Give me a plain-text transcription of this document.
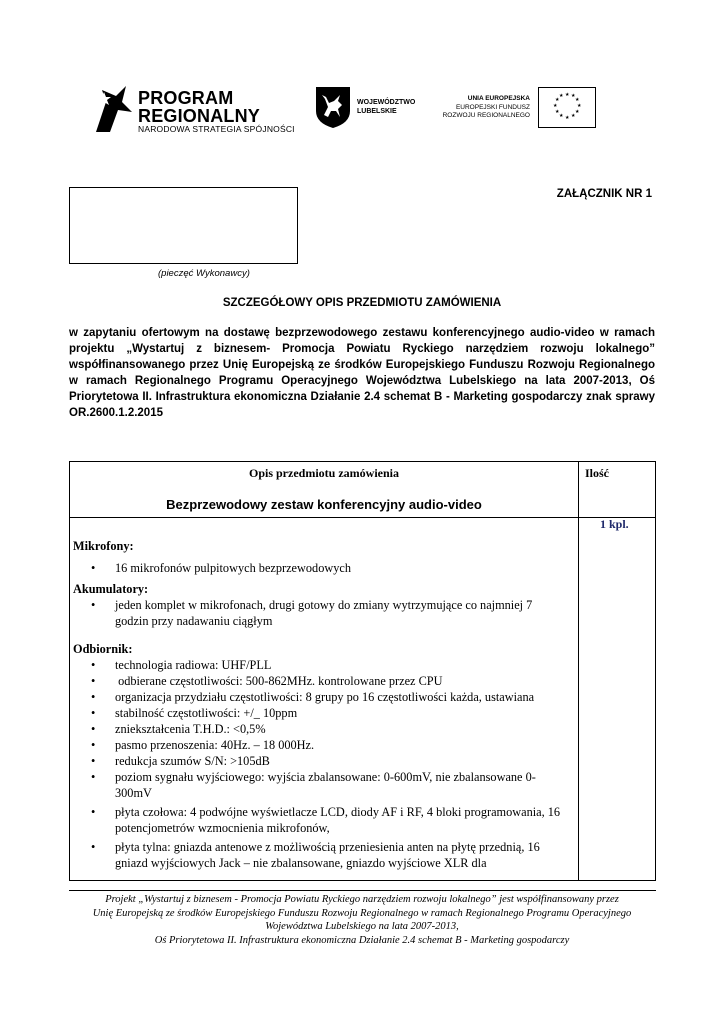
PROGRAM
REGIONALNY
NARODOWA STRATEGIA SPÓJNOŚCI
WOJEWÓDZTWO
LUBELSKIE
UNIA EUROPEJSKA
EUROPEJSKI FUNDUSZ
ROZWOJU REGIONALNEGO
★ ★
★
★
★
★
★
★
★
★
★
★
ZAŁĄCZNIK NR 1
(pieczęć Wykonawcy)
SZCZEGÓŁOWY OPIS PRZEDMIOTU ZAMÓWIENIA
w zapytaniu ofertowym na dostawę bezprzewodowego zestawu konferencyjnego audio-video w ramach projektu „Wystartuj z biznesem- Promocja Powiatu Ryckiego narzędziem rozwoju lokalnego” współfinansowanego przez Unię Europejską ze środków Europejskiego Funduszu Rozwoju Regionalnego w ramach Regionalnego Programu Operacyjnego Województwa Lubelskiego na lata 2007-2013, Oś Priorytetowa II. Infrastruktura ekonomiczna Działanie 2.4 schemat B - Marketing gospodarczy znak sprawy OR.2600.1.2.2015
Opis przedmiotu zamówienia
Bezprzewodowy zestaw konferencyjny audio-video
Ilość
1 kpl.

Mikrofony:

• 16 mikrofonów pulpitowych bezprzewodowych

Akumulatory:

• jeden komplet w mikrofonach, drugi gotowy do zmiany wytrzymujące co najmniej 7 godzin przy nadawaniu ciągłym

Odbiornik:

• technologia radiowa: UHF/PLL
•  odbierane częstotliwości: 500-862MHz. kontrolowane przez CPU
• organizacja przydziału częstotliwości: 8 grupy po 16 częstotliwości każda, ustawiana
• stabilność częstotliwości: +/_ 10ppm
• zniekształcenia T.H.D.: <0,5%
• pasmo przenoszenia: 40Hz. – 18 000Hz.
• redukcja szumów S/N: >105dB
• poziom sygnału wyjściowego: wyjścia zbalansowane: 0-600mV, nie zbalansowane 0-300mV
• płyta czołowa: 4 podwójne wyświetlacze LCD, diody AF i RF, 4 bloki programowania, 16 potencjometrów wzmocnienia mikrofonów,
• płyta tylna: gniazda antenowe z możliwością przeniesienia anten na płytę przednią, 16 gniazd wyjściowych Jack – nie zbalansowane, gniazdo wyjściowe XLR dla
Projekt „Wystartuj z biznesem - Promocja Powiatu Ryckiego narzędziem rozwoju lokalnego” jest współfinansowany przez
Unię Europejską ze środków Europejskiego Funduszu Rozwoju Regionalnego w ramach Regionalnego Programu Operacyjnego
Województwa Lubelskiego na lata 2007-2013,
Oś Priorytetowa II. Infrastruktura ekonomiczna Działanie 2.4 schemat B - Marketing gospodarczy
